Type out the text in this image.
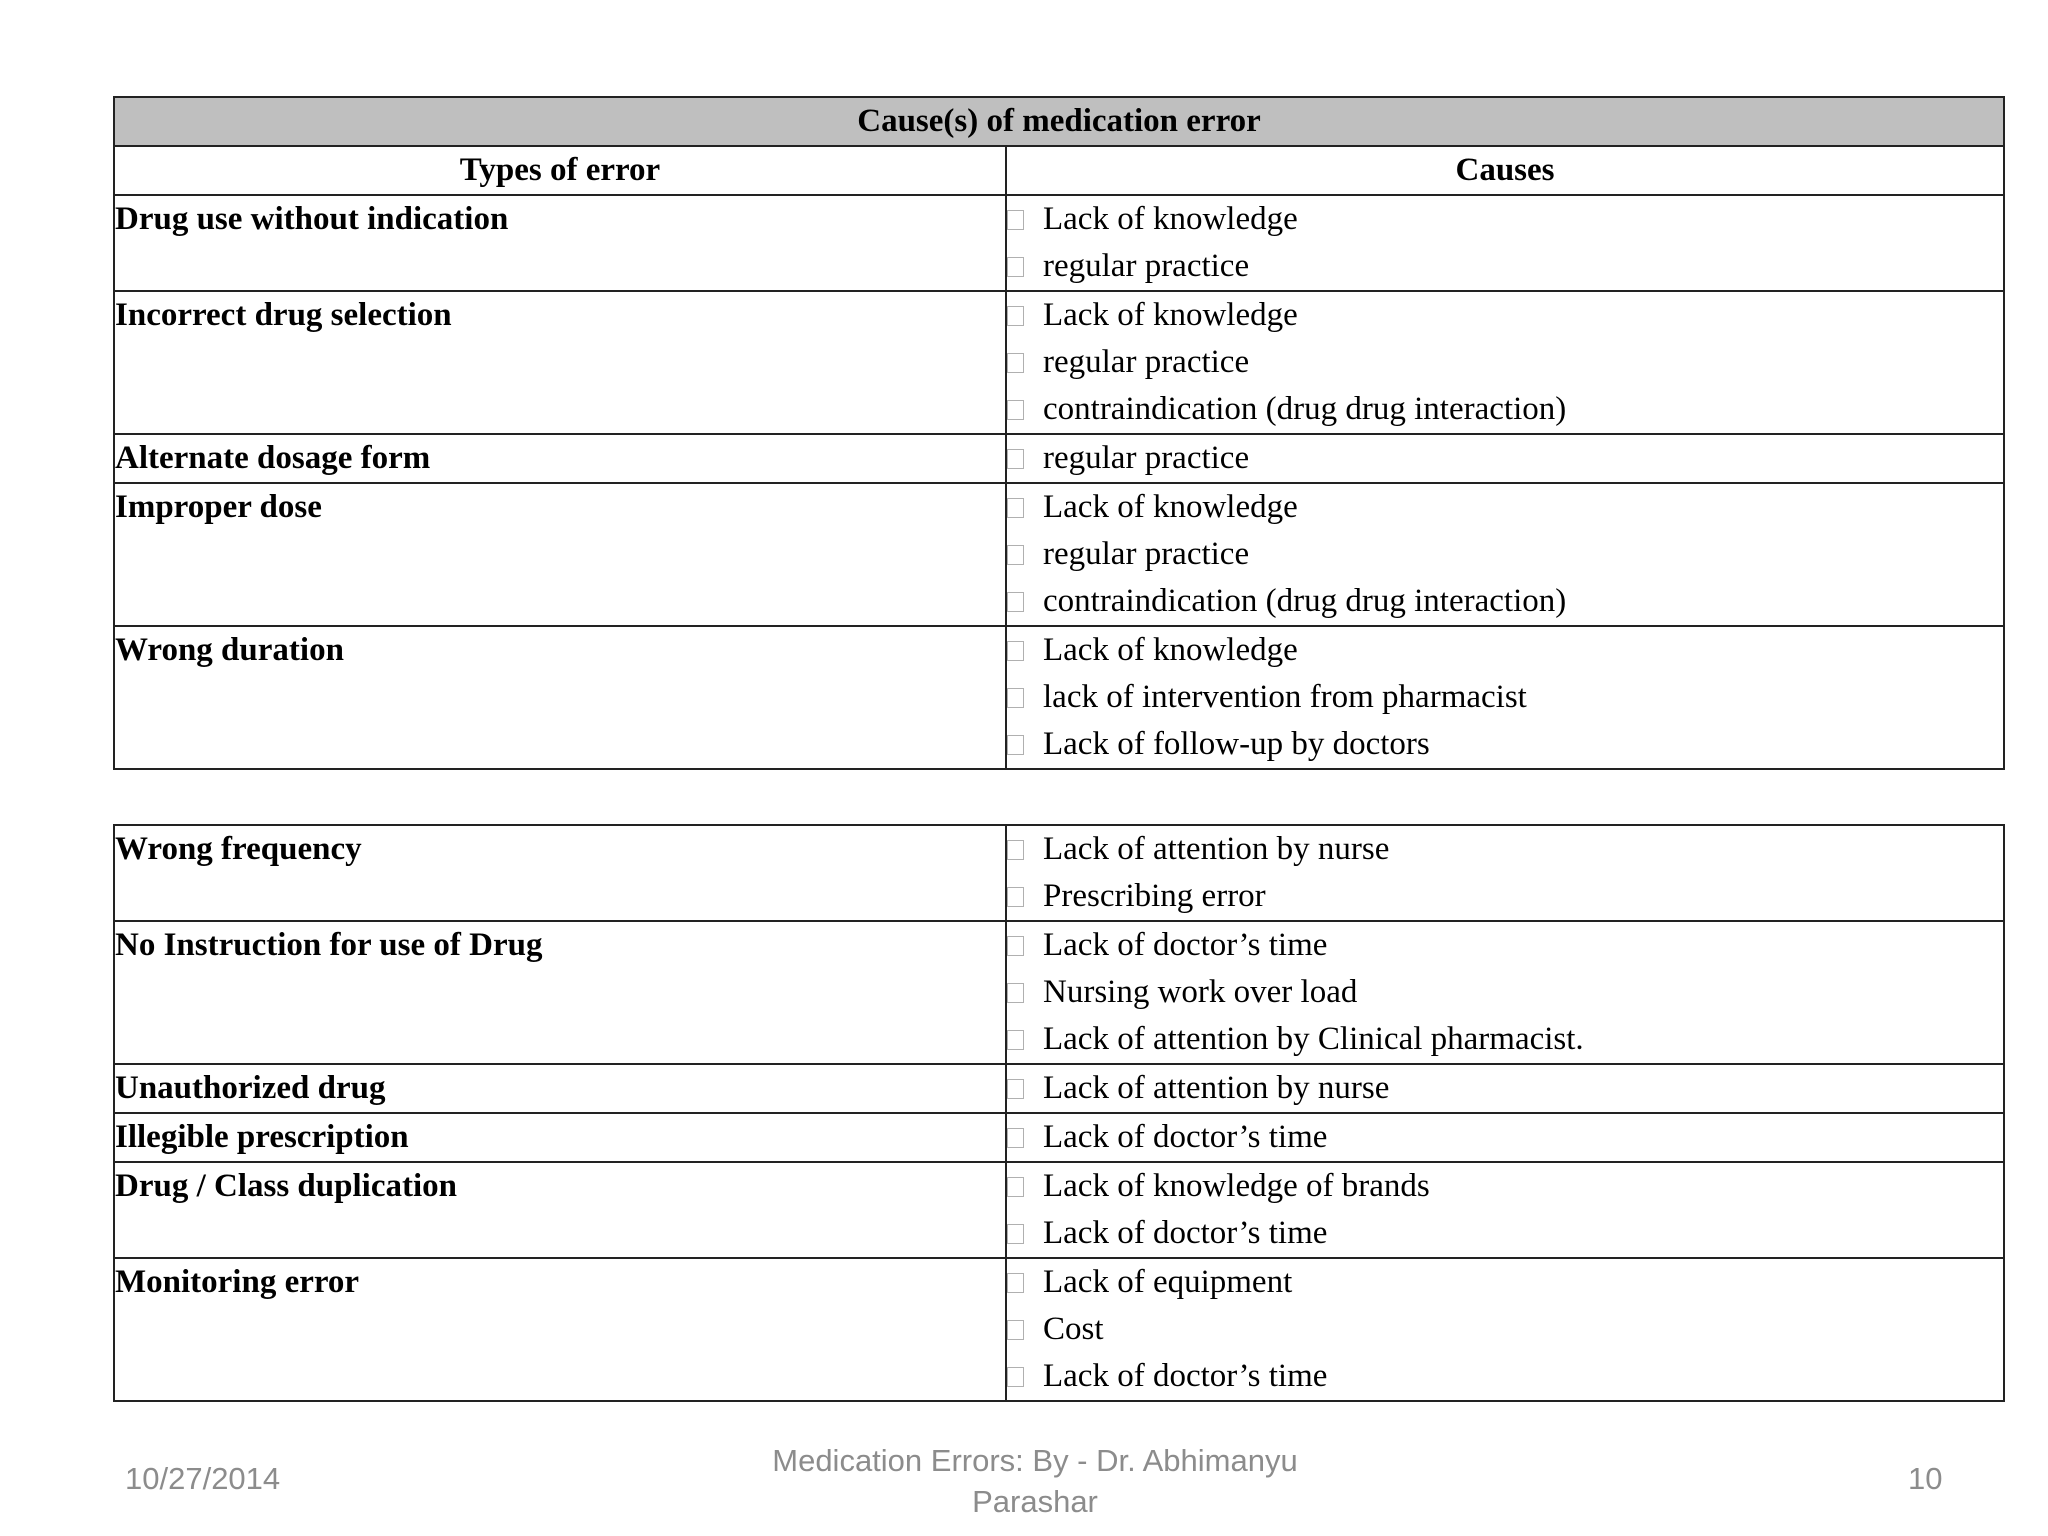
Cause(s) of medication error	
Types of error	Causes
Drug use without indication	Lack of knowledge
regular practice

Incorrect drug selection	Lack of knowledge
regular practice
contraindication (drug drug interaction)

Alternate dosage form	regular practice

Improper dose	Lack of knowledge
regular practice
contraindication (drug drug interaction)

Wrong duration	Lack of knowledge
lack of intervention from pharmacist
Lack of follow-up by doctors
Wrong frequency	Lack of attention by nurse
Prescribing error

No Instruction for use of Drug	Lack of doctor’s time
Nursing work over load
Lack of attention by Clinical pharmacist.

Unauthorized drug	Lack of attention by nurse

Illegible prescription	Lack of doctor’s time

Drug / Class duplication	Lack of knowledge of brands
Lack of doctor’s time

Monitoring error	Lack of equipment
Cost
Lack of doctor’s time
10/27/2014
Medication Errors: By - Dr. Abhimanyu
Parashar
10
